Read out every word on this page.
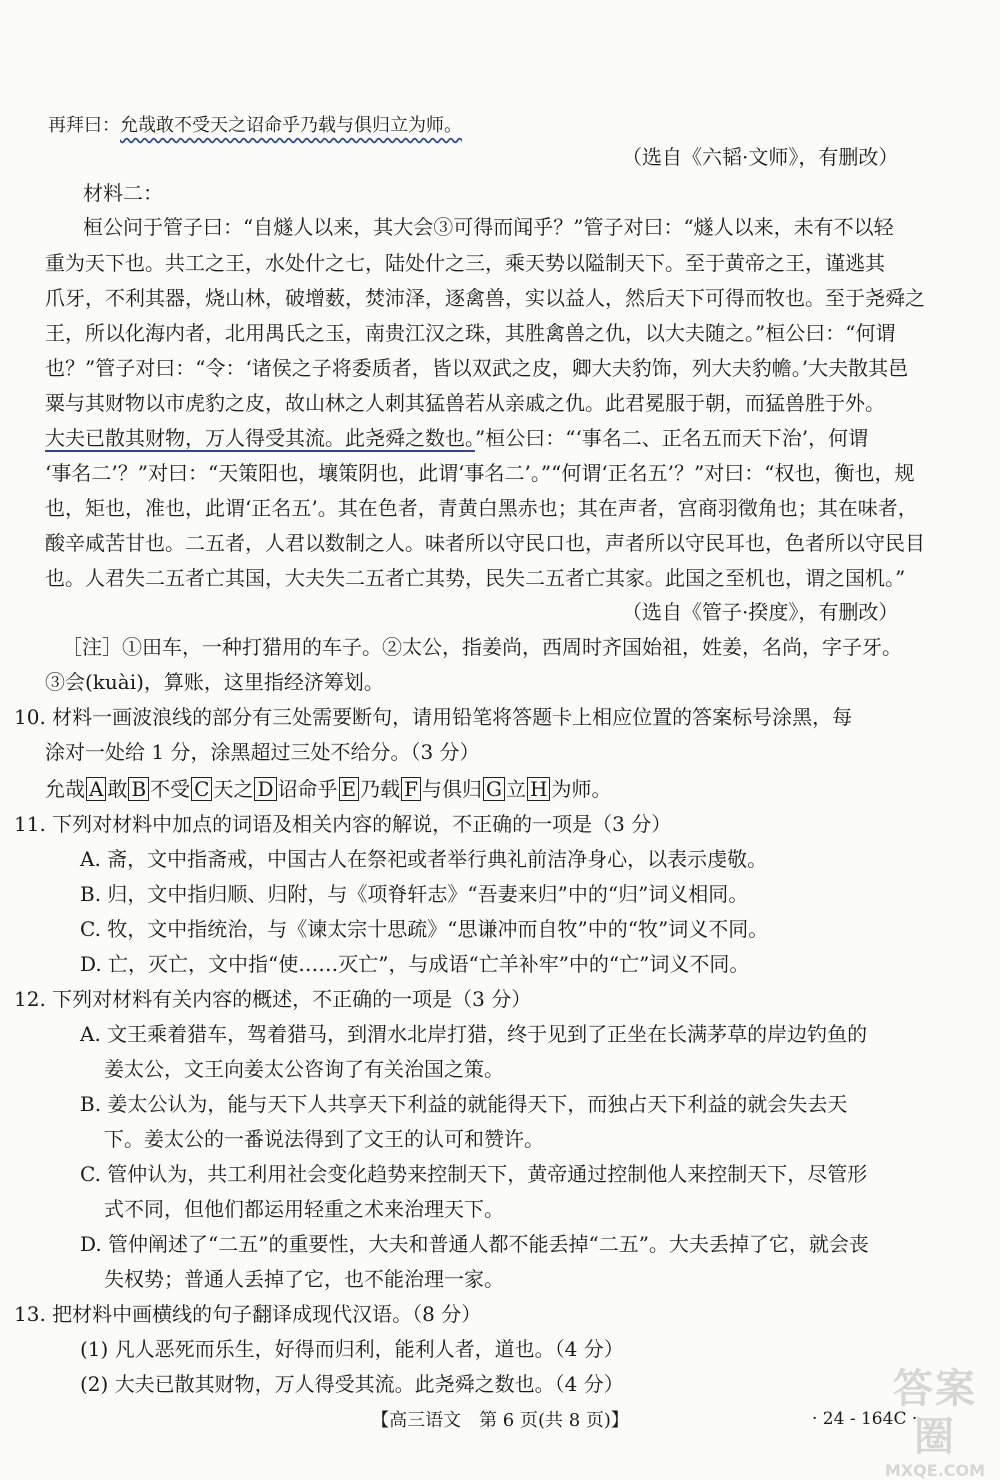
再拜曰：允哉敢不受天之诏命乎乃载与俱归立为师。
（选自《六韬·文师》，有删改）
材料二：
桓公问于管子曰：“自燧人以来，其大会③可得而闻乎？”管子对曰：“燧人以来，未有不以轻
重为天下也。共工之王，水处什之七，陆处什之三，乘天势以隘制天下。至于黄帝之王，谨逃其
爪牙，不利其器，烧山林，破增薮，焚沛泽，逐禽兽，实以益人，然后天下可得而牧也。至于尧舜之
王，所以化海内者，北用禺氏之玉，南贵江汉之珠，其胜禽兽之仇，以大夫随之。”桓公曰：“何谓
也？”管子对曰：“令：‘诸侯之子将委质者，皆以双武之皮，卿大夫豹饰，列大夫豹幨。’大夫散其邑
粟与其财物以市虎豹之皮，故山林之人刺其猛兽若从亲戚之仇。此君冕服于朝，而猛兽胜于外。
大夫已散其财物，万人得受其流。此尧舜之数也。”桓公曰：“‘事名二、正名五而天下治’，何谓
‘事名二’？”对曰：“天策阳也，壤策阴也，此谓‘事名二’。”“何谓‘正名五’？”对曰：“权也，衡也，规
也，矩也，准也，此谓‘正名五’。其在色者，青黄白黑赤也；其在声者，宫商羽徵角也；其在味者，
酸辛咸苦甘也。二五者，人君以数制之人。味者所以守民口也，声者所以守民耳也，色者所以守民目
也。人君失二五者亡其国，大夫失二五者亡其势，民失二五者亡其家。此国之至机也，谓之国机。”
（选自《管子·揆度》，有删改）
［注］①田车，一种打猎用的车子。②太公，指姜尚，西周时齐国始祖，姓姜，名尚，字子牙。
③会(kuài)，算账，这里指经济筹划。
10. 材料一画波浪线的部分有三处需要断句，请用铅笔将答题卡上相应位置的答案标号涂黑，每
涂对一处给 1 分，涂黑超过三处不给分。（3 分）
允哉 A 敢 B 不受 C 天之 D 诏命乎 E 乃载 F 与俱归 G 立 H 为师。
11. 下列对材料中加点的词语及相关内容的解说，不正确的一项是（3 分）
A. 斋，文中指斋戒，中国古人在祭祀或者举行典礼前洁净身心，以表示虔敬。
B. 归，文中指归顺、归附，与《项脊轩志》“吾妻来归”中的“归”词义相同。
C. 牧，文中指统治，与《谏太宗十思疏》“思谦冲而自牧”中的“牧”词义不同。
D. 亡，灭亡，文中指“使……灭亡”，与成语“亡羊补牢”中的“亡”词义不同。
12. 下列对材料有关内容的概述，不正确的一项是（3 分）
A. 文王乘着猎车，驾着猎马，到渭水北岸打猎，终于见到了正坐在长满茅草的岸边钓鱼的
姜太公，文王向姜太公咨询了有关治国之策。
B. 姜太公认为，能与天下人共享天下利益的就能得天下，而独占天下利益的就会失去天
下。姜太公的一番说法得到了文王的认可和赞许。
C. 管仲认为，共工利用社会变化趋势来控制天下，黄帝通过控制他人来控制天下，尽管形
式不同，但他们都运用轻重之术来治理天下。
D. 管仲阐述了“二五”的重要性，大夫和普通人都不能丢掉“二五”。大夫丢掉了它，就会丧
失权势；普通人丢掉了它，也不能治理一家。
13. 把材料中画横线的句子翻译成现代汉语。（8 分）
(1) 凡人恶死而乐生，好得而归利，能利人者，道也。（4 分）
(2) 大夫已散其财物，万人得受其流。此尧舜之数也。（4 分）
【高三语文　第 6 页(共 8 页)】	· 24 - 164C ·
答案圈
MXQE.COM
